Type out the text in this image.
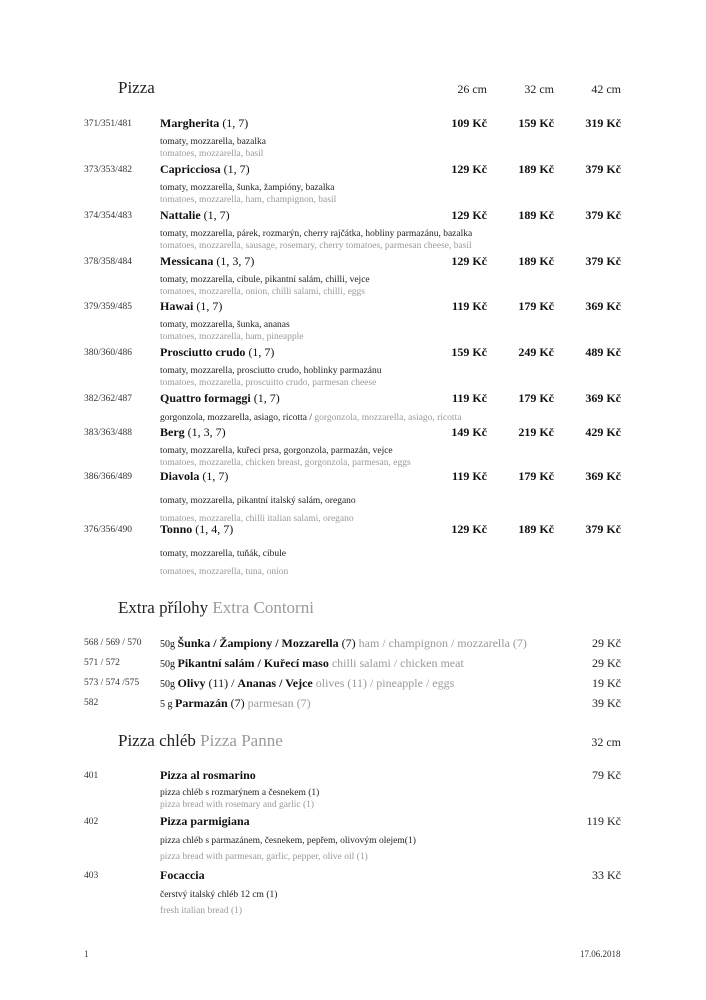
Pizza	26 cm	32 cm	42 cm
371/351/481 Margherita (1, 7)	109 Kč	159 Kč	319 Kč
tomaty, mozzarella, bazalka
tomatoes, mozzarella, basil
373/353/482 Capricciosa (1, 7)	129 Kč	189 Kč	379 Kč
tomaty, mozzarella, šunka, žampióny, bazalka
tomatoes, mozzarella, ham, champignon, basil
374/354/483 Nattalie (1, 7)	129 Kč	189 Kč	379 Kč
tomaty, mozzarella, párek, rozmarýn, cherry rajčátka, hobliny parmazánu, bazalka
tomatoes, mozzarella, sausage, rosemary, cherry tomatoes, parmesan cheese, basil
378/358/484 Messicana (1, 3, 7)	129 Kč	189 Kč	379 Kč
tomaty, mozzarella, cibule, pikantní salám, chilli, vejce
tomatoes, mozzarella, onion, chilli salami, chilli, eggs
379/359/485 Hawai (1, 7)	119 Kč	179 Kč	369 Kč
tomaty, mozzarella, šunka, ananas
tomatoes, mozzarella, ham, pineapple
380/360/486 Prosciutto crudo (1, 7)	159 Kč	249 Kč	489 Kč
tomaty, mozzarella, prosciutto crudo, hoblinky parmazánu
tomatoes, mozzarella, proscuitto crudo, parmesan cheese
382/362/487 Quattro formaggi (1, 7)	119 Kč	179 Kč	369 Kč
gorgonzola, mozzarella, asiago, ricotta / gorgonzola, mozzarella, asiago, ricotta
383/363/488 Berg (1, 3, 7)	149 Kč	219 Kč	429 Kč
tomaty, mozzarella, kuřecí prsa, gorgonzola, parmazán, vejce
tomatoes, mozzarella, chicken breast, gorgonzola, parmesan, eggs
386/366/489 Diavola (1, 7)	119 Kč	179 Kč	369 Kč
tomaty, mozzarella, pikantní italský salám, oregano
tomatoes, mozzarella, chilli italian salami, oregano
376/356/490 Tonno (1, 4, 7)	129 Kč	189 Kč	379 Kč
tomaty, mozzarella, tuňák, cibule
tomatoes, mozzarella, tuna, onion
Extra přílohy Extra Contorni
568 / 569 / 570 50g Šunka / Žampiony / Mozzarella (7) ham / champignon / mozzarella (7)	29 Kč
571 / 572	50g Pikantní salám / Kuřecí maso chilli salami / chicken meat	29 Kč
573 / 574 /575 50g Olivy (11) / Ananas / Vejce olives (11) / pineapple / eggs	19 Kč
582	5 g Parmazán (7) parmesan (7)	39 Kč
Pizza chléb Pizza Panne	32 cm
401	Pizza al rosmarino	79 Kč
pizza chléb s rozmarýnem a česnekem (1)
pizza bread with rosemary and garlic (1)
402	Pizza parmigiana	119 Kč
pizza chléb s parmazánem, česnekem, pepřem, olivovým olejem(1)
pizza bread with parmesan, garlic, pepper, olive oil (1)
403	Focaccia	33 Kč
čerstvý italský chléb 12 cm (1)
fresh italian bread (1)
1	17.06.2018
